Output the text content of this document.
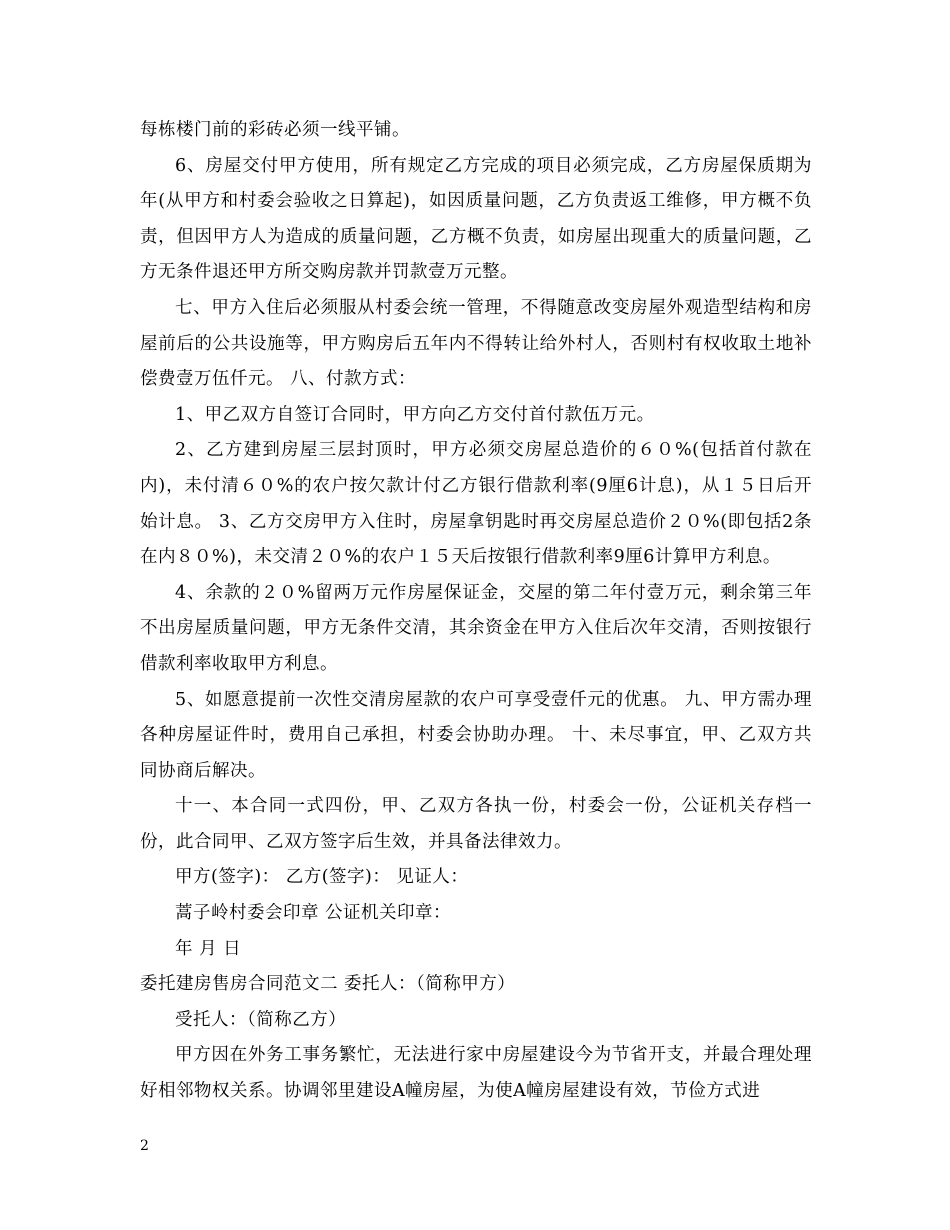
每栋楼门前的彩砖必须一线平铺。

6、房屋交付甲方使用，所有规定乙方完成的项目必须完成，乙方房屋保质期为年(从甲方和村委会验收之日算起)，如因质量问题，乙方负责返工维修，甲方概不负责，但因甲方人为造成的质量问题，乙方概不负责，如房屋出现重大的质量问题，乙方无条件退还甲方所交购房款并罚款壹万元整。

七、甲方入住后必须服从村委会统一管理，不得随意改变房屋外观造型结构和房屋前后的公共设施等，甲方购房后五年内不得转让给外村人，否则村有权收取土地补偿费壹万伍仟元。 八、付款方式：

1、甲乙双方自签订合同时，甲方向乙方交付首付款伍万元。

2、乙方建到房屋三层封顶时，甲方必须交房屋总造价的６０%(包括首付款在内)，未付清６０%的农户按欠款计付乙方银行借款利率(9厘6计息)，从１５日后开始计息。 3、乙方交房甲方入住时，房屋拿钥匙时再交房屋总造价２０%(即包括2条在内８０%)，未交清２０%的农户１５天后按银行借款利率9厘6计算甲方利息。

4、余款的２０%留两万元作房屋保证金，交屋的第二年付壹万元，剩余第三年不出房屋质量问题，甲方无条件交清，其余资金在甲方入住后次年交清，否则按银行借款利率收取甲方利息。

5、如愿意提前一次性交清房屋款的农户可享受壹仟元的优惠。 九、甲方需办理各种房屋证件时，费用自己承担，村委会协助办理。 十、未尽事宜，甲、乙双方共同协商后解决。

十一、本合同一式四份，甲、乙双方各执一份，村委会一份，公证机关存档一份，此合同甲、乙双方签字后生效，并具备法律效力。

甲方(签字)： 乙方(签字)： 见证人：

蒿子岭村委会印章 公证机关印章：

年 月 日

委托建房售房合同范文二 委托人：（简称甲方）

受托人：（简称乙方）

甲方因在外务工事务繁忙，无法进行家中房屋建设今为节省开支，并最合理处理好相邻物权关系。协调邻里建设A幢房屋，为使A幢房屋建设有效，节俭方式进

2
